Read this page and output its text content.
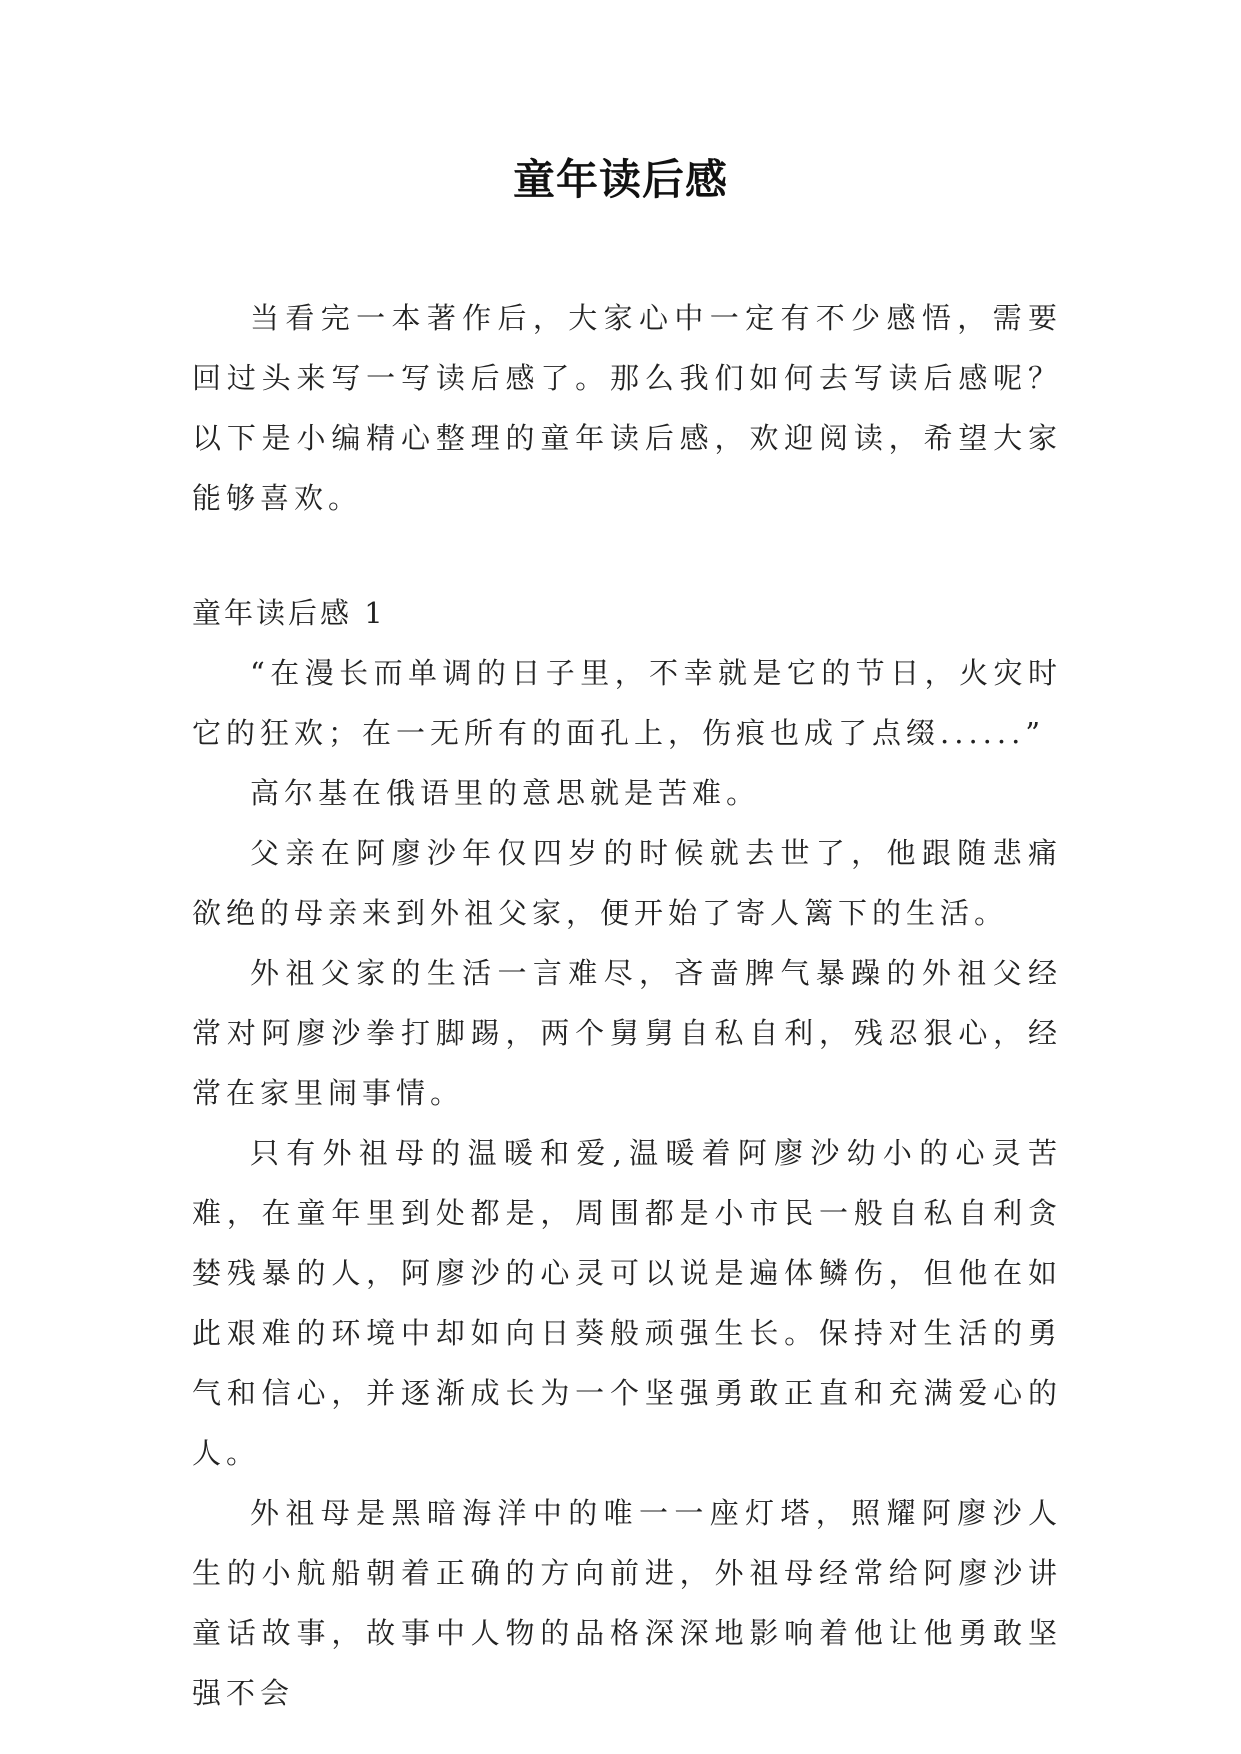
童年读后感

当看完一本著作后，大家心中一定有不少感悟，需要回过头来写一写读后感了。那么我们如何去写读后感呢？以下是小编精心整理的童年读后感，欢迎阅读，希望大家能够喜欢。

童年读后感 1

“在漫长而单调的日子里，不幸就是它的节日，火灾时它的狂欢；在一无所有的面孔上，伤痕也成了点缀......”

高尔基在俄语里的意思就是苦难。

父亲在阿廖沙年仅四岁的时候就去世了，他跟随悲痛欲绝的母亲来到外祖父家，便开始了寄人篱下的生活。

外祖父家的生活一言难尽，吝啬脾气暴躁的外祖父经常对阿廖沙拳打脚踢，两个舅舅自私自利，残忍狠心，经常在家里闹事情。

只有外祖母的温暖和爱,温暖着阿廖沙幼小的心灵苦难，在童年里到处都是，周围都是小市民一般自私自利贪婪残暴的人，阿廖沙的心灵可以说是遍体鳞伤，但他在如此艰难的环境中却如向日葵般顽强生长。保持对生活的勇气和信心，并逐渐成长为一个坚强勇敢正直和充满爱心的人。

外祖母是黑暗海洋中的唯一一座灯塔，照耀阿廖沙人生的小航船朝着正确的方向前进，外祖母经常给阿廖沙讲童话故事，故事中人物的品格深深地影响着他让他勇敢坚强不会
